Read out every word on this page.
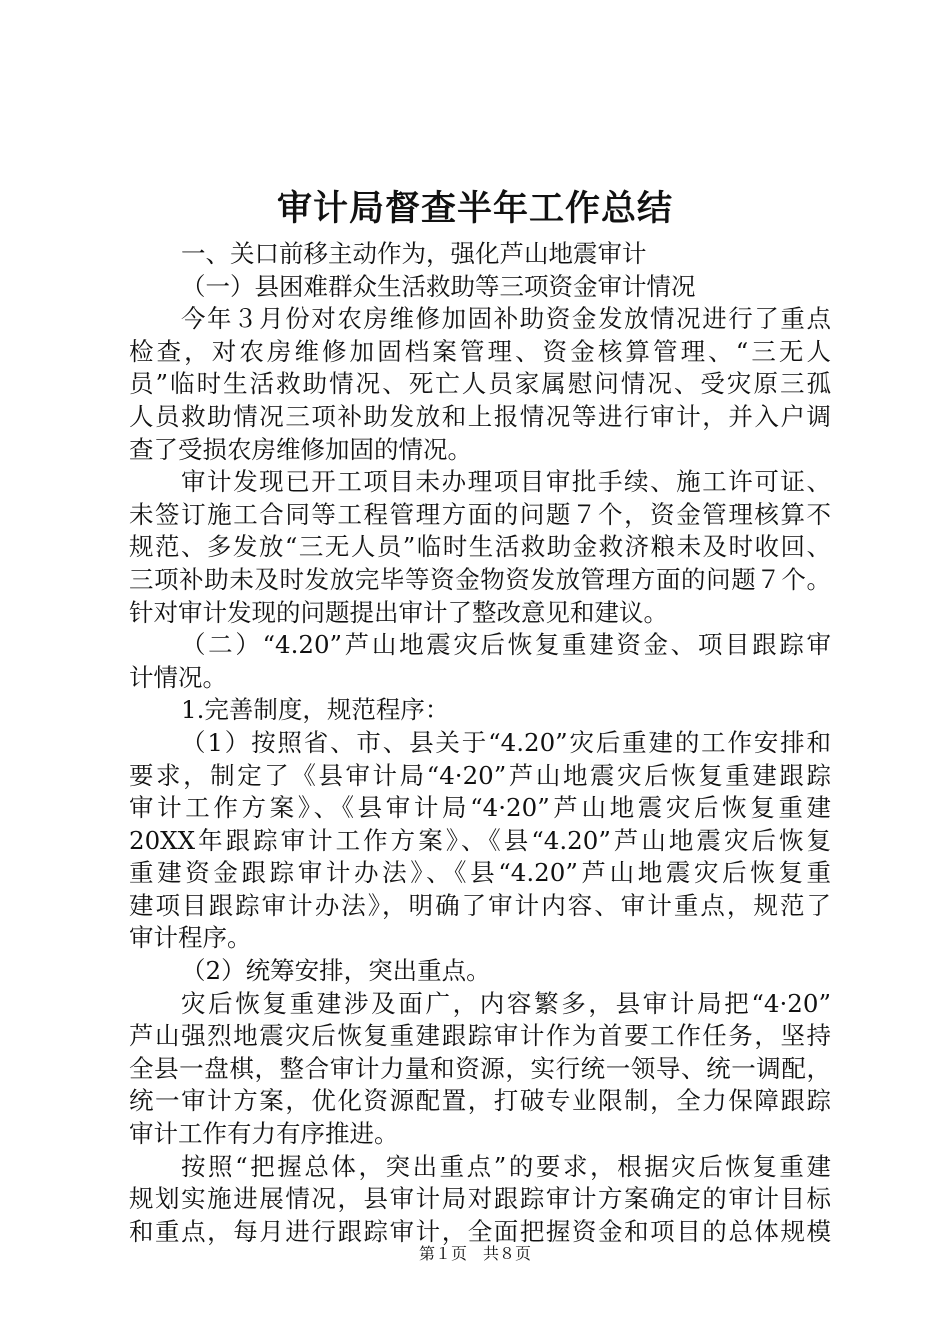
审计局督查半年工作总结
一、关口前移主动作为，强化芦山地震审计
（一）县困难群众生活救助等三项资金审计情况
今年３月份对农房维修加固补助资金发放情况进行了重点
检查，对农房维修加固档案管理、资金核算管理、“三无人
员”临时生活救助情况、死亡人员家属慰问情况、受灾原三孤
人员救助情况三项补助发放和上报情况等进行审计，并入户调
查了受损农房维修加固的情况。
审计发现已开工项目未办理项目审批手续、施工许可证、
未签订施工合同等工程管理方面的问题７个，资金管理核算不
规范、多发放“三无人员”临时生活救助金救济粮未及时收回、
三项补助未及时发放完毕等资金物资发放管理方面的问题７个。
针对审计发现的问题提出审计了整改意见和建议。
（二）“4.20”芦山地震灾后恢复重建资金、项目跟踪审
计情况。
1.完善制度，规范程序：
（1）按照省、市、县关于“4.20”灾后重建的工作安排和
要求，制定了《县审计局“4·20”芦山地震灾后恢复重建跟踪
审计工作方案》、《县审计局“4·20”芦山地震灾后恢复重建
20XX年跟踪审计工作方案》、《县“4.20”芦山地震灾后恢复
重建资金跟踪审计办法》、《县“4.20”芦山地震灾后恢复重
建项目跟踪审计办法》，明确了审计内容、审计重点，规范了
审计程序。
（2）统筹安排，突出重点。
灾后恢复重建涉及面广，内容繁多，县审计局把“4·20”
芦山强烈地震灾后恢复重建跟踪审计作为首要工作任务，坚持
全县一盘棋，整合审计力量和资源，实行统一领导、统一调配，
统一审计方案，优化资源配置，打破专业限制，全力保障跟踪
审计工作有力有序推进。
按照“把握总体，突出重点”的要求，根据灾后恢复重建
规划实施进展情况，县审计局对跟踪审计方案确定的审计目标
和重点，每月进行跟踪审计，全面把握资金和项目的总体规模
第１页　共８页
